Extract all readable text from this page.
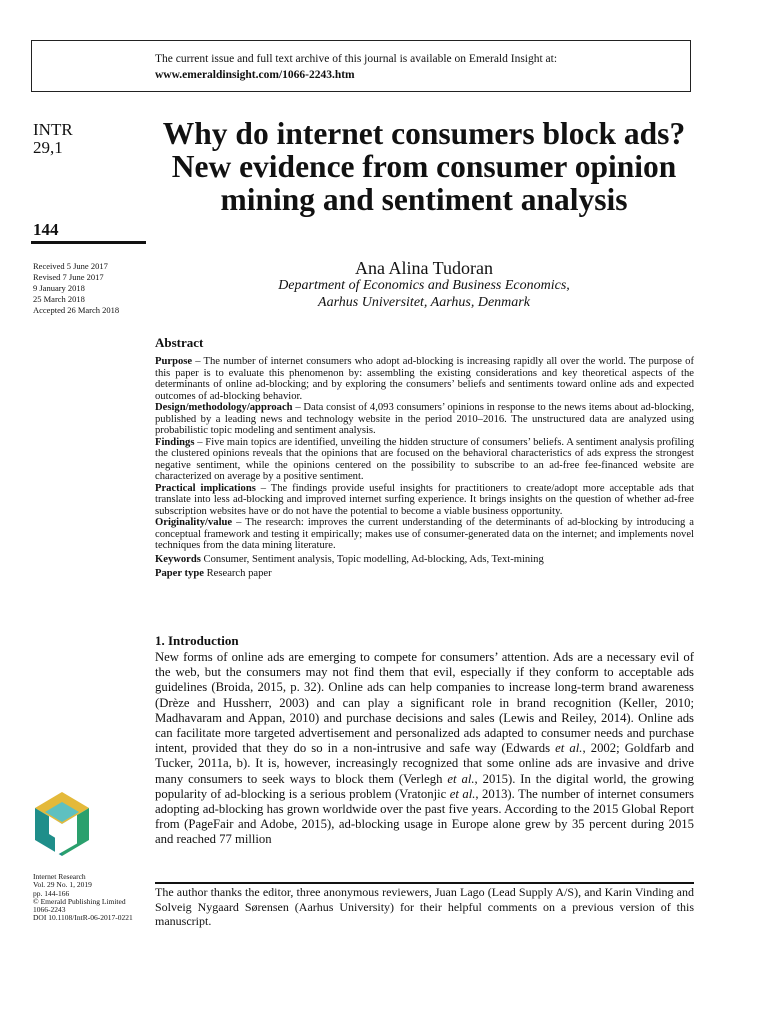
The current issue and full text archive of this journal is available on Emerald Insight at:
www.emeraldinsight.com/1066-2243.htm
INTR
29,1
144
Received 5 June 2017
Revised 7 June 2017
9 January 2018
25 March 2018
Accepted 26 March 2018
Why do internet consumers block ads? New evidence from consumer opinion mining and sentiment analysis
Ana Alina Tudoran
Department of Economics and Business Economics,
Aarhus Universitet, Aarhus, Denmark
Abstract

Purpose – The number of internet consumers who adopt ad-blocking is increasing rapidly all over the world. The purpose of this paper is to evaluate this phenomenon by: assembling the existing considerations and key theoretical aspects of the determinants of online ad-blocking; and by exploring the consumers’ beliefs and sentiments toward online ads and expected outcomes of ad-blocking behavior.

Design/methodology/approach – Data consist of 4,093 consumers’ opinions in response to the news items about ad-blocking, published by a leading news and technology website in the period 2010–2016. The unstructured data are analyzed using probabilistic topic modeling and sentiment analysis.

Findings – Five main topics are identified, unveiling the hidden structure of consumers’ beliefs. A sentiment analysis profiling the clustered opinions reveals that the opinions that are focused on the behavioral characteristics of ads express the strongest negative sentiment, while the opinions centered on the possibility to subscribe to an ad-free fee-financed website are characterized on average by a positive sentiment.

Practical implications – The findings provide useful insights for practitioners to create/adopt more acceptable ads that translate into less ad-blocking and improved internet surfing experience. It brings insights on the question of whether ad-free subscription websites have or do not have the potential to become a viable business opportunity.

Originality/value – The research: improves the current understanding of the determinants of ad-blocking by introducing a conceptual framework and testing it empirically; makes use of consumer-generated data on the internet; and implements novel techniques from the data mining literature.

Keywords Consumer, Sentiment analysis, Topic modelling, Ad-blocking, Ads, Text-mining
Paper type Research paper
1. Introduction

New forms of online ads are emerging to compete for consumers’ attention. Ads are a necessary evil of the web, but the consumers may not find them that evil, especially if they conform to acceptable ads guidelines (Broida, 2015, p. 32). Online ads can help companies to increase long-term brand awareness (Drèze and Hussherr, 2003) and can play a significant role in brand recognition (Keller, 2010; Madhavaram and Appan, 2010) and purchase decisions and sales (Lewis and Reiley, 2014). Online ads can facilitate more targeted advertisement and personalized ads adapted to consumer needs and purchase intent, provided that they do so in a non-intrusive and safe way (Edwards et al., 2002; Goldfarb and Tucker, 2011a, b). It is, however, increasingly recognized that some online ads are invasive and drive many consumers to seek ways to block them (Verlegh et al., 2015). In the digital world, the growing popularity of ad-blocking is a serious problem (Vratonjic et al., 2013). The number of internet consumers adopting ad-blocking has grown worldwide over the past five years. According to the 2015 Global Report from (PageFair and Adobe, 2015), ad-blocking usage in Europe alone grew by 35 percent during 2015 and reached 77 million

The author thanks the editor, three anonymous reviewers, Juan Lago (Lead Supply A/S), and Karin Vinding and Solveig Nygaard Sørensen (Aarhus University) for their helpful comments on a previous version of this manuscript.

Internet Research
Vol. 29 No. 1, 2019
pp. 144-166
© Emerald Publishing Limited
1066-2243
DOI 10.1108/IntR-06-2017-0221
